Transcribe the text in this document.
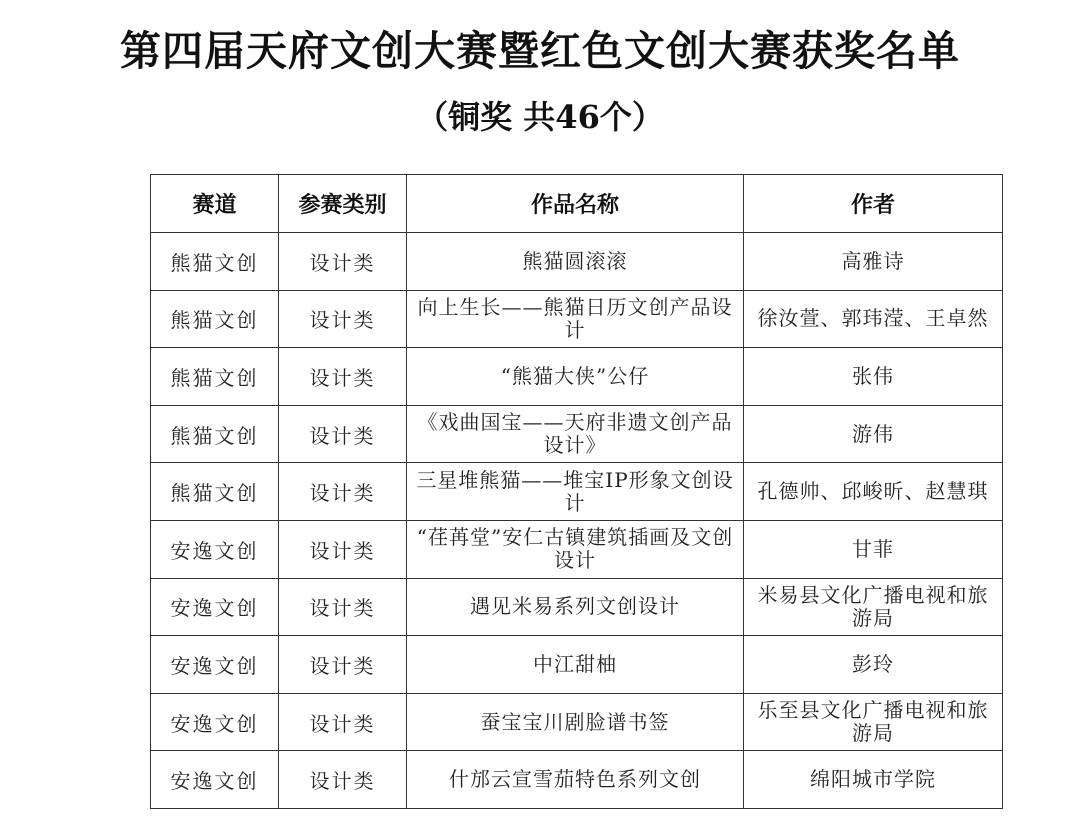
第四届天府文创大赛暨红色文创大赛获奖名单
（铜奖 共46个）
赛道	参赛类别	作品名称	作者
熊猫文创	设计类	熊猫圆滚滚	高雅诗
熊猫文创	设计类	向上生长——熊猫日历文创产品设计	徐汝萱、郭玮滢、王卓然
熊猫文创	设计类	“熊猫大侠”公仔	张伟
熊猫文创	设计类	《戏曲国宝——天府非遗文创产品设计》	游伟
熊猫文创	设计类	三星堆熊猫——堆宝IP形象文创设计	孔德帅、邱峻昕、赵慧琪
安逸文创	设计类	“荏苒堂”安仁古镇建筑插画及文创设计	甘菲
安逸文创	设计类	遇见米易系列文创设计	米易县文化广播电视和旅游局
安逸文创	设计类	中江甜柚	彭玲
安逸文创	设计类	蚕宝宝川剧脸谱书签	乐至县文化广播电视和旅游局
安逸文创	设计类	什邡云宣雪茄特色系列文创	绵阳城市学院
